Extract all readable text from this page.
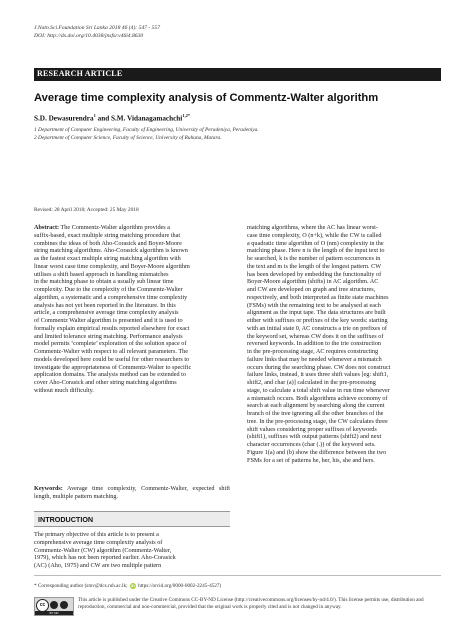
J.Natn.Sci.Foundation Sri Lanka 2018 46 (4): 547 - 557
DOI: http://dx.doi.org/10.4038/jnsfsr.v46i4.8630
RESEARCH ARTICLE
Average time complexity analysis of Commentz-Walter algorithm
S.D. Dewasurendra$^1$ and S.M. Vidanagamachchi$^{1,2*}$
1 Department of Computer Engineering, Faculty of Engineering, University of Peradeniya, Peradeniya.
2 Department of Computer Science, Faculty of Science, University of Ruhuna, Matara.
Revised: 28 April 2018; Accepted: 25 May 2018
Abstract: The Commentz-Walter algorithm provides a
suffix-based, exact multiple string matching procedure that
combines the ideas of both Aho-Corasick and Boyer-Moore
string matching algorithms. Aho-Corasick algorithm is known
as the fastest exact multiple string matching algorithm with
linear worst case time complexity, and Boyer-Moore algorithm
utilises a shift based approach in handling mismatches
in the matching phase to obtain a usually sub linear time
complexity. Due to the complexity of the Commentz-Walter
algorithm, a systematic and a comprehensive time complexity
analysis has not yet been reported in the literature. In this
article, a comprehensive average time complexity analysis
of Commentz Walter algorithm is presented and it is used to
formally explain empirical results reported elsewhere for exact
and limited tolerance string matching. Performance analysis
model permits ‘complete’ exploration of the solution space of
Commentz-Walter with respect to all relevant parameters. The
models developed here could be useful for other researchers to
investigate the appropriateness of Commentz-Walter to specific
application domains. The analysis method can be extended to
cover Aho-Corasick and other string matching algorithms
without much difficulty.
Keywords: Average time complexity, Commentz-Walter, expected shift length, multiple pattern matching.
INTRODUCTION
The primary objective of this article is to present a
comprehensive average time complexity analysis of
Commentz-Walter (CW) algorithm (Commentz-Walter,
1979), which has not been reported earlier. Aho-Corasick
(AC) (Aho, 1975) and CW are two multiple pattern
matching algorithms, where the AC has linear worst-
case time complexity, O (n+k), while the CW is called
a quadratic time algorithm of O (nm) complexity in the
matching phase. Here n is the length of the input text to
be searched, k is the number of pattern occurrences in
the text and m is the length of the longest pattern. CW
has been developed by embedding the functionality of
Boyer-Moore algorithm (shifts) in AC algorithm. AC
and CW are developed on graph and tree structures,
respectively, and both interpreted as finite state machines
(FSMs) with the remaining text to be analysed at each
alignment as the input tape. The data structures are built
either with suffixes or prefixes of the key words: starting
with an initial state 0, AC constructs a trie on prefixes of
the keyword set, whereas CW does it on the suffixes of
reversed keywords. In addition to the trie construction
in the pre-processing stage, AC requires constructing
failure links that may be needed whenever a mismatch
occurs during the searching phase. CW does not construct
failure links, instead, it uses three shift values [eg: shift1,
shift2, and char (a)] calculated in the pre-processing
stage, to calculate a total shift value in run time whenever
a mismatch occurs. Both algorithms achieve economy of
search at each alignment by searching along the current
branch of the tree ignoring all the other branches of the
tree. In the pre-processing stage, the CW calculates three
shift values considering proper suffixes of keywords
(shift1), suffixes with output patterns (shift2) and next
character occurrences (char (.)) of the keyword sets.
Figure 1(a) and (b) show the difference between the two
FSMs for a set of patterns he, her, his, she and hers.
* Corresponding author (smv@dcs.ruh.ac.lk; iD https://orcid.org/0000-0002-2245-4527)
cc
BY ND
This article is published under the Creative Commons CC-BY-ND License (http://creativecommons.org/licenses/by-nd/4.0/). This license permits use, distribution and reproduction, commercial and non-commercial, provided that the original work is properly cited and is not changed in anyway.
